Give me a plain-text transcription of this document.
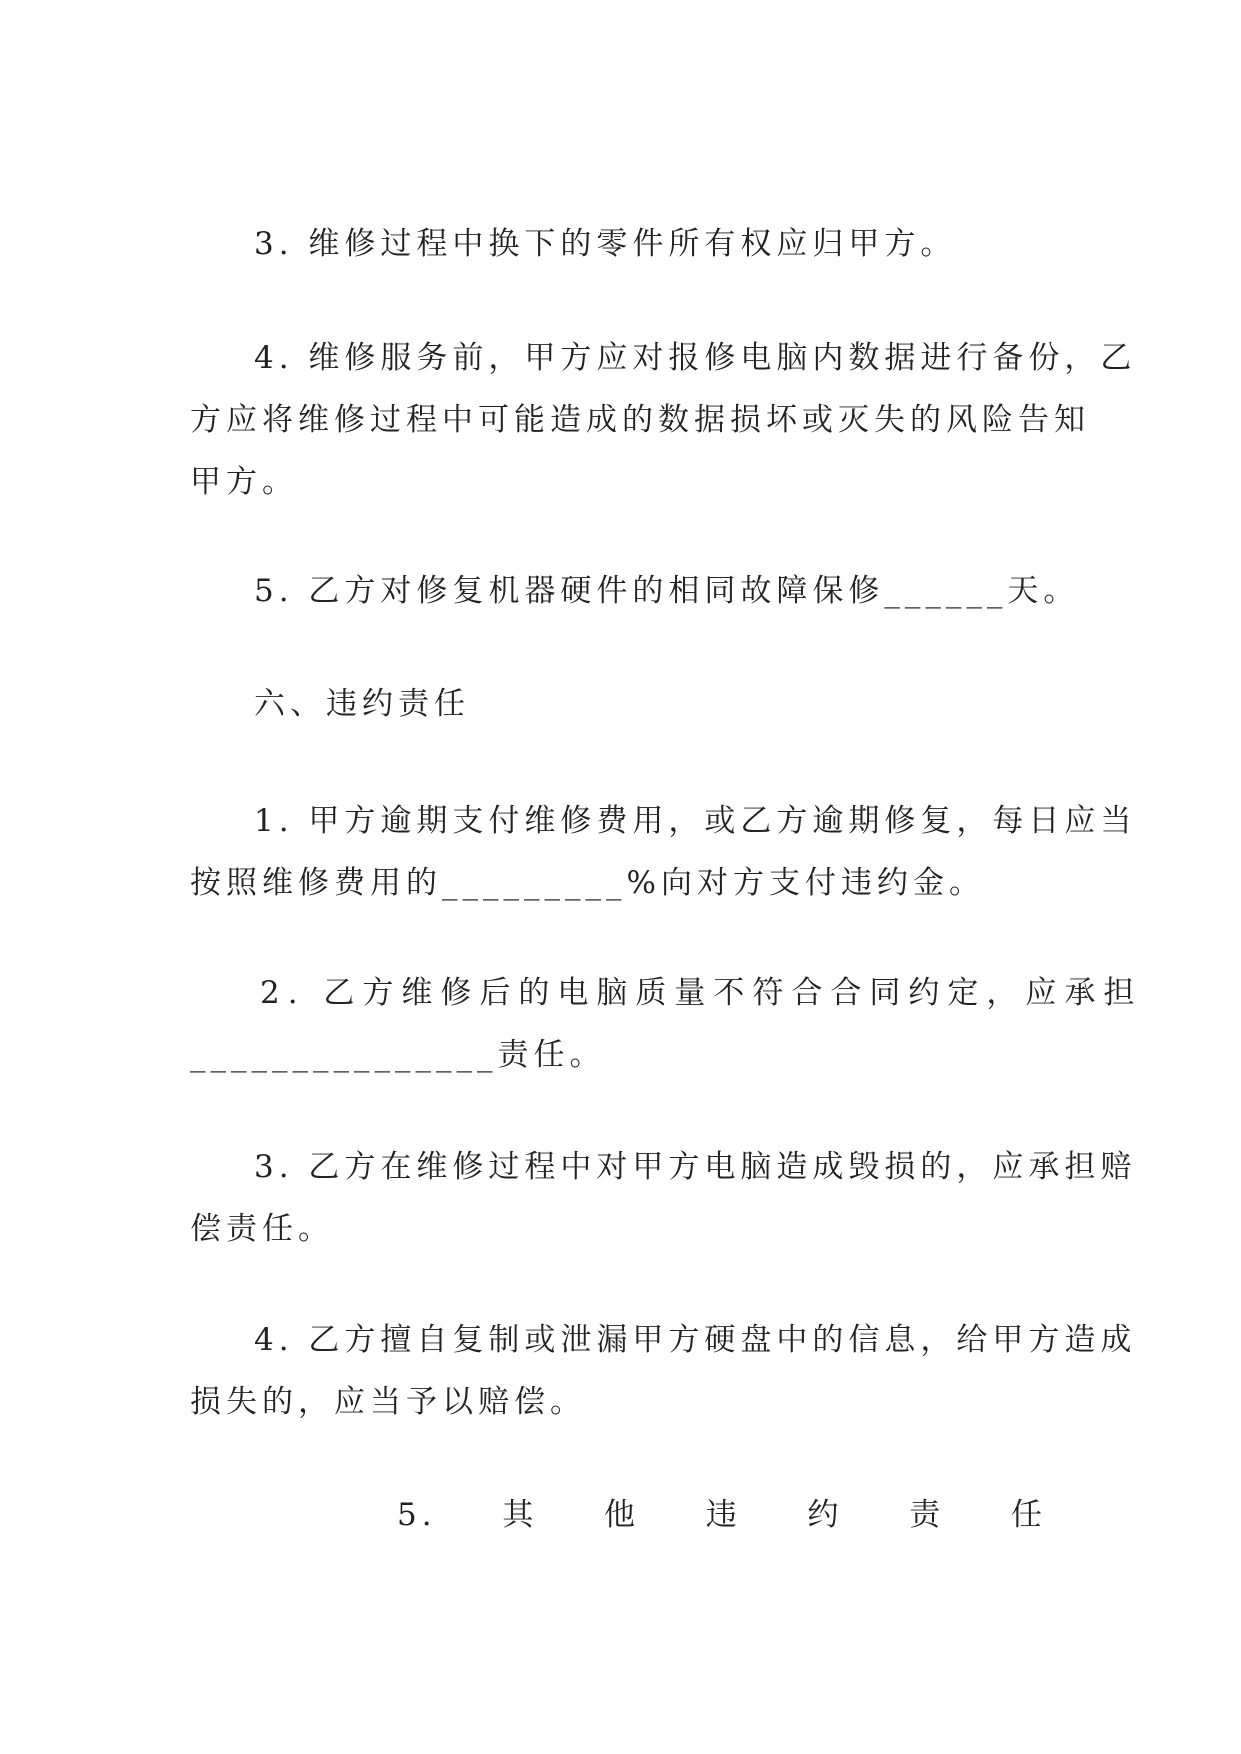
3. 维修过程中换下的零件所有权应归甲方。
4. 维修服务前，甲方应对报修电脑内数据进行备份，乙
方应将维修过程中可能造成的数据损坏或灭失的风险告知
甲方。
5. 乙方对修复机器硬件的相同故障保修______天。
六、违约责任
1. 甲方逾期支付维修费用，或乙方逾期修复，每日应当
按照维修费用的_________%向对方支付违约金。
2. 乙方维修后的电脑质量不符合合同约定，应承担
_______________责任。
3. 乙方在维修过程中对甲方电脑造成毁损的，应承担赔
偿责任。
4. 乙方擅自复制或泄漏甲方硬盘中的信息，给甲方造成
损失的，应当予以赔偿。
5. 其 他 违 约 责 任
